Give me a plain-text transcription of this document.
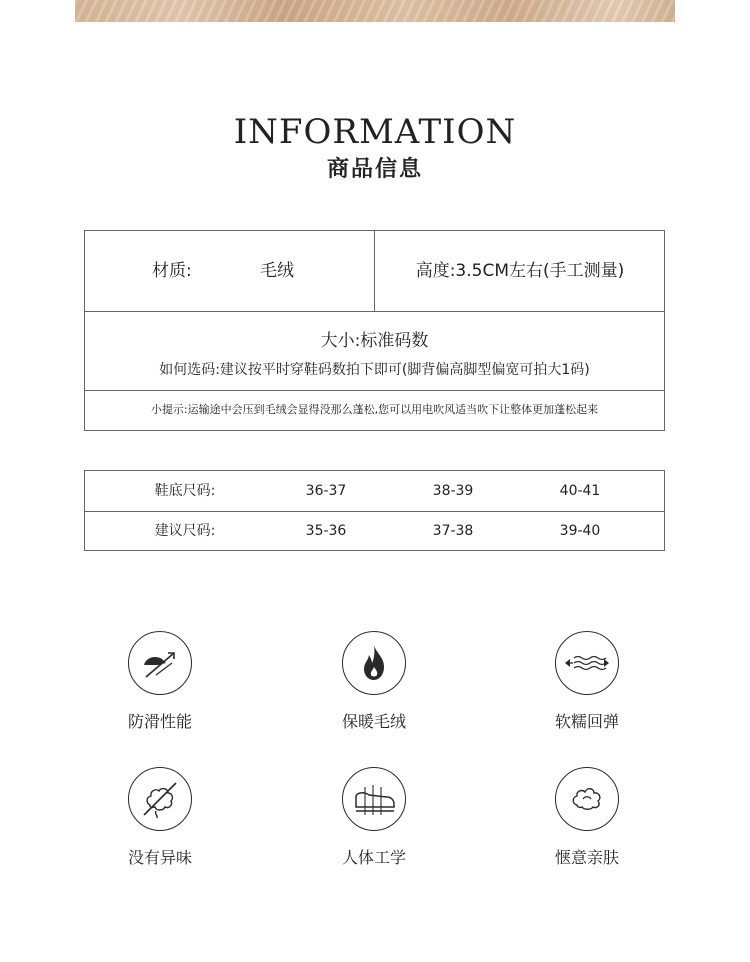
INFORMATION
商品信息
材质:	毛绒	高度:3.5CM左右(手工测量)
大小:标准码数
如何选码:建议按平时穿鞋码数拍下即可(脚背偏高脚型偏宽可拍大1码)
小提示:运输途中会压到毛绒会显得没那么蓬松,您可以用电吹风适当吹下让整体更加蓬松起来
鞋底尺码:	36-37	38-39	40-41
建议尺码:	35-36	37-38	39-40
防滑性能	保暖毛绒	软糯回弹
没有异味	人体工学	惬意亲肤
